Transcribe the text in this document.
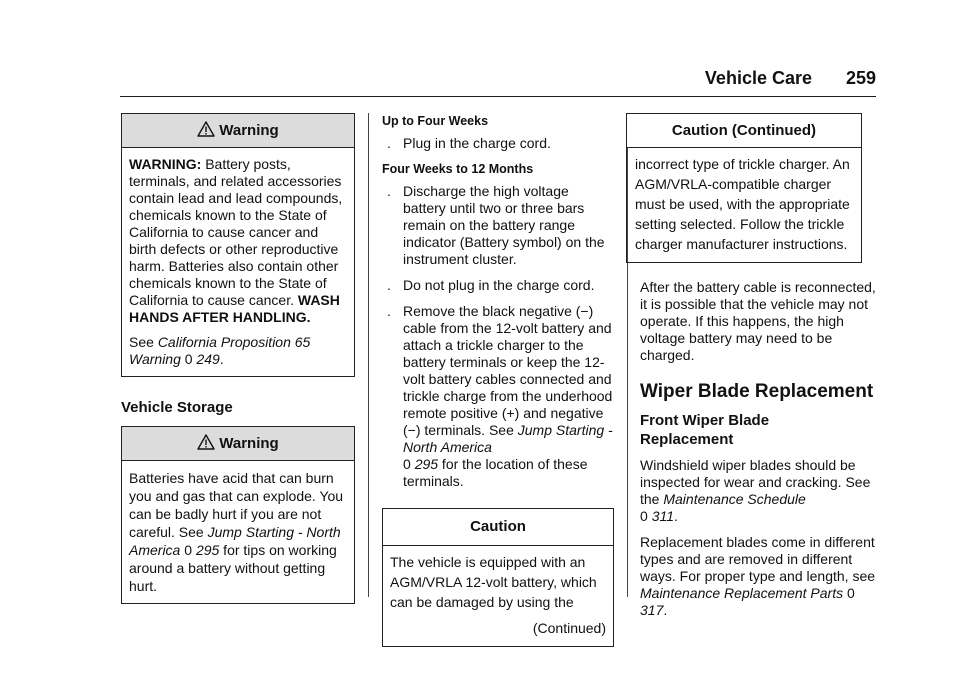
Vehicle Care 259
Warning

WARNING: Battery posts, terminals, and related accessories contain lead and lead compounds, chemicals known to the State of California to cause cancer and birth defects or other reproductive harm. Batteries also contain other chemicals known to the State of California to cause cancer. WASH HANDS AFTER HANDLING.

See California Proposition 65 Warning 0 249.

Vehicle Storage
Warning

Batteries have acid that can burn you and gas that can explode. You can be badly hurt if you are not careful. See Jump Starting - North America 0 295 for tips on working around a battery without getting hurt.

Up to Four Weeks
. Plug in the charge cord.
Four Weeks to 12 Months
. Discharge the high voltage battery until two or three bars remain on the battery range indicator (Battery symbol) on the instrument cluster.
. Do not plug in the charge cord.
. Remove the black negative (−) cable from the 12-volt battery and attach a trickle charger to the battery terminals or keep the 12-volt battery cables connected and trickle charge from the underhood remote positive (+) and negative (−) terminals. See Jump Starting - North America
0 295 for the location of these terminals.
Caution

The vehicle is equipped with an AGM/VRLA 12-volt battery, which can be damaged by using the

(Continued)

Caution (Continued)

incorrect type of trickle charger. An AGM/VRLA-compatible charger must be used, with the appropriate setting selected. Follow the trickle charger manufacturer instructions.

After the battery cable is reconnected, it is possible that the vehicle may not operate. If this happens, the high voltage battery may need to be charged.

Wiper Blade Replacement
Front Wiper Blade Replacement

Windshield wiper blades should be inspected for wear and cracking. See the Maintenance Schedule
0 311.

Replacement blades come in different types and are removed in different ways. For proper type and length, see Maintenance Replacement Parts 0 317.
